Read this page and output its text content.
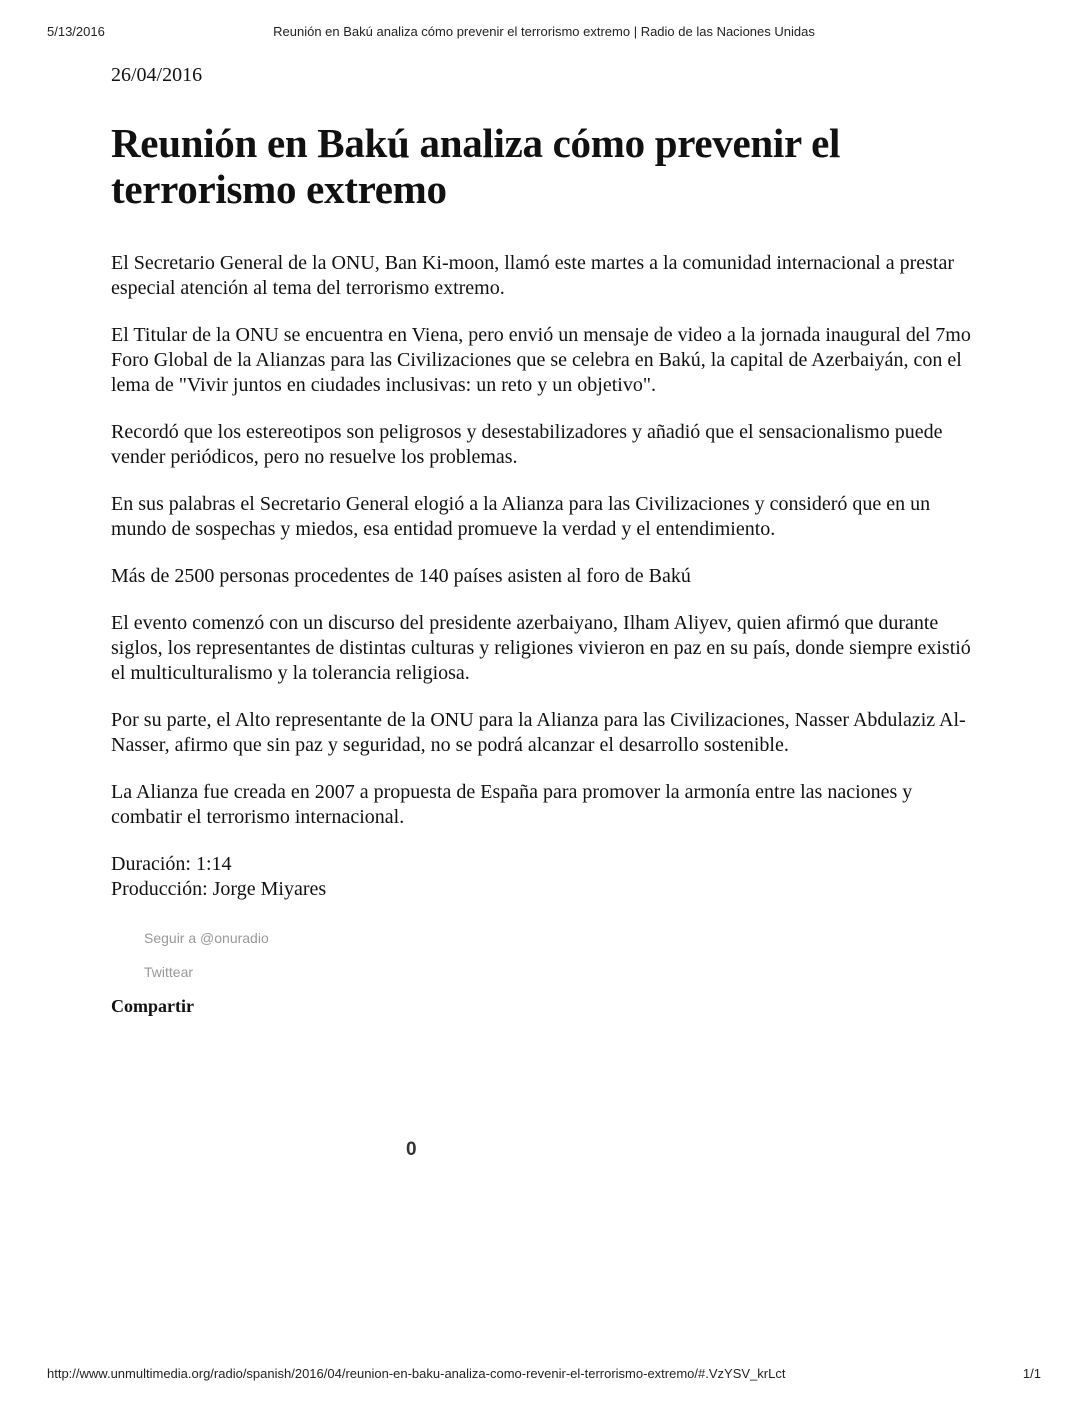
5/13/2016	Reunión en Bakú analiza cómo prevenir el terrorismo extremo | Radio de las Naciones Unidas

26/04/2016

Reunión en Bakú analiza cómo prevenir el terrorismo extremo

El Secretario General de la ONU, Ban Ki-moon, llamó este martes a la comunidad internacional a prestar especial atención al tema del terrorismo extremo.

El Titular de la ONU se encuentra en Viena, pero envió un mensaje de video a la jornada inaugural del 7mo Foro Global de la Alianzas para las Civilizaciones que se celebra en Bakú, la capital de Azerbaiyán, con el lema de "Vivir juntos en ciudades inclusivas: un reto y un objetivo".

Recordó que los estereotipos son peligrosos y desestabilizadores y añadió que el sensacionalismo puede vender periódicos, pero no resuelve los problemas.

En sus palabras el Secretario General elogió a la Alianza para las Civilizaciones y consideró que en un mundo de sospechas y miedos, esa entidad promueve la verdad y el entendimiento.

Más de 2500 personas procedentes de 140 países asisten al foro de Bakú

El evento comenzó con un discurso del presidente azerbaiyano, Ilham Aliyev, quien afirmó que durante siglos, los representantes de distintas culturas y religiones vivieron en paz en su país, donde siempre existió el multiculturalismo y la tolerancia religiosa.

Por su parte, el Alto representante de la ONU para la Alianza para las Civilizaciones, Nasser Abdulaziz Al-Nasser, afirmo que sin paz y seguridad, no se podrá alcanzar el desarrollo sostenible.

La Alianza fue creada en 2007 a propuesta de España para promover la armonía entre las naciones y combatir el terrorismo internacional.

Duración: 1:14
Producción: Jorge Miyares
Seguir a @onuradio
Twittear
Compartir
0
http://www.unmultimedia.org/radio/spanish/2016/04/reunion-en-baku-analiza-como-revenir-el-terrorismo-extremo/#.VzYSV_krLct	1/1
